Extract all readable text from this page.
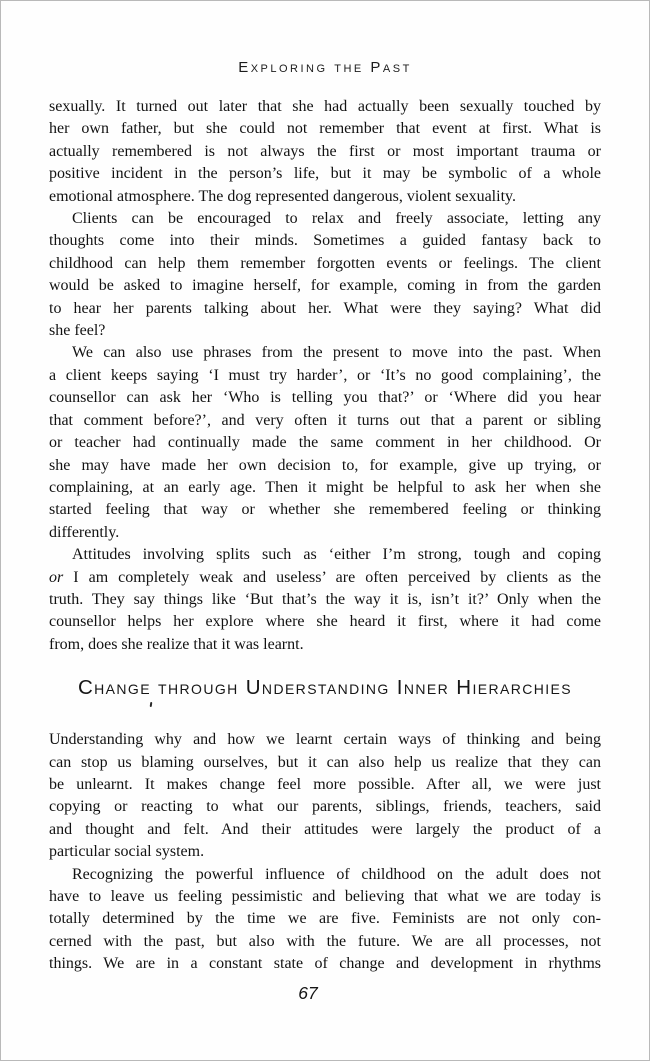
Exploring the Past
sexually. It turned out later that she had actually been sexually touched by
her own father, but she could not remember that event at first. What is
actually remembered is not always the first or most important trauma or
positive incident in the person’s life, but it may be symbolic of a whole
emotional atmosphere. The dog represented dangerous, violent sexuality.
Clients can be encouraged to relax and freely associate, letting any
thoughts come into their minds. Sometimes a guided fantasy back to
childhood can help them remember forgotten events or feelings. The client
would be asked to imagine herself, for example, coming in from the garden
to hear her parents talking about her. What were they saying? What did
she feel?
We can also use phrases from the present to move into the past. When
a client keeps saying ‘I must try harder’, or ‘It’s no good complaining’, the
counsellor can ask her ‘Who is telling you that?’ or ‘Where did you hear
that comment before?’, and very often it turns out that a parent or sibling
or teacher had continually made the same comment in her childhood. Or
she may have made her own decision to, for example, give up trying, or
complaining, at an early age. Then it might be helpful to ask her when she
started feeling that way or whether she remembered feeling or thinking
differently.
Attitudes involving splits such as ‘either I’m strong, tough and coping
or I am completely weak and useless’ are often perceived by clients as the
truth. They say things like ‘But that’s the way it is, isn’t it?’ Only when the
counsellor helps her explore where she heard it first, where it had come
from, does she realize that it was learnt.
Change through Understanding Inner Hierarchies
Understanding why and how we learnt certain ways of thinking and being
can stop us blaming ourselves, but it can also help us realize that they can
be unlearnt. It makes change feel more possible. After all, we were just
copying or reacting to what our parents, siblings, friends, teachers, said
and thought and felt. And their attitudes were largely the product of a
particular social system.
Recognizing the powerful influence of childhood on the adult does not
have to leave us feeling pessimistic and believing that what we are today is
totally determined by the time we are five. Feminists are not only con-
cerned with the past, but also with the future. We are all processes, not
things. We are in a constant state of change and development in rhythms
67
